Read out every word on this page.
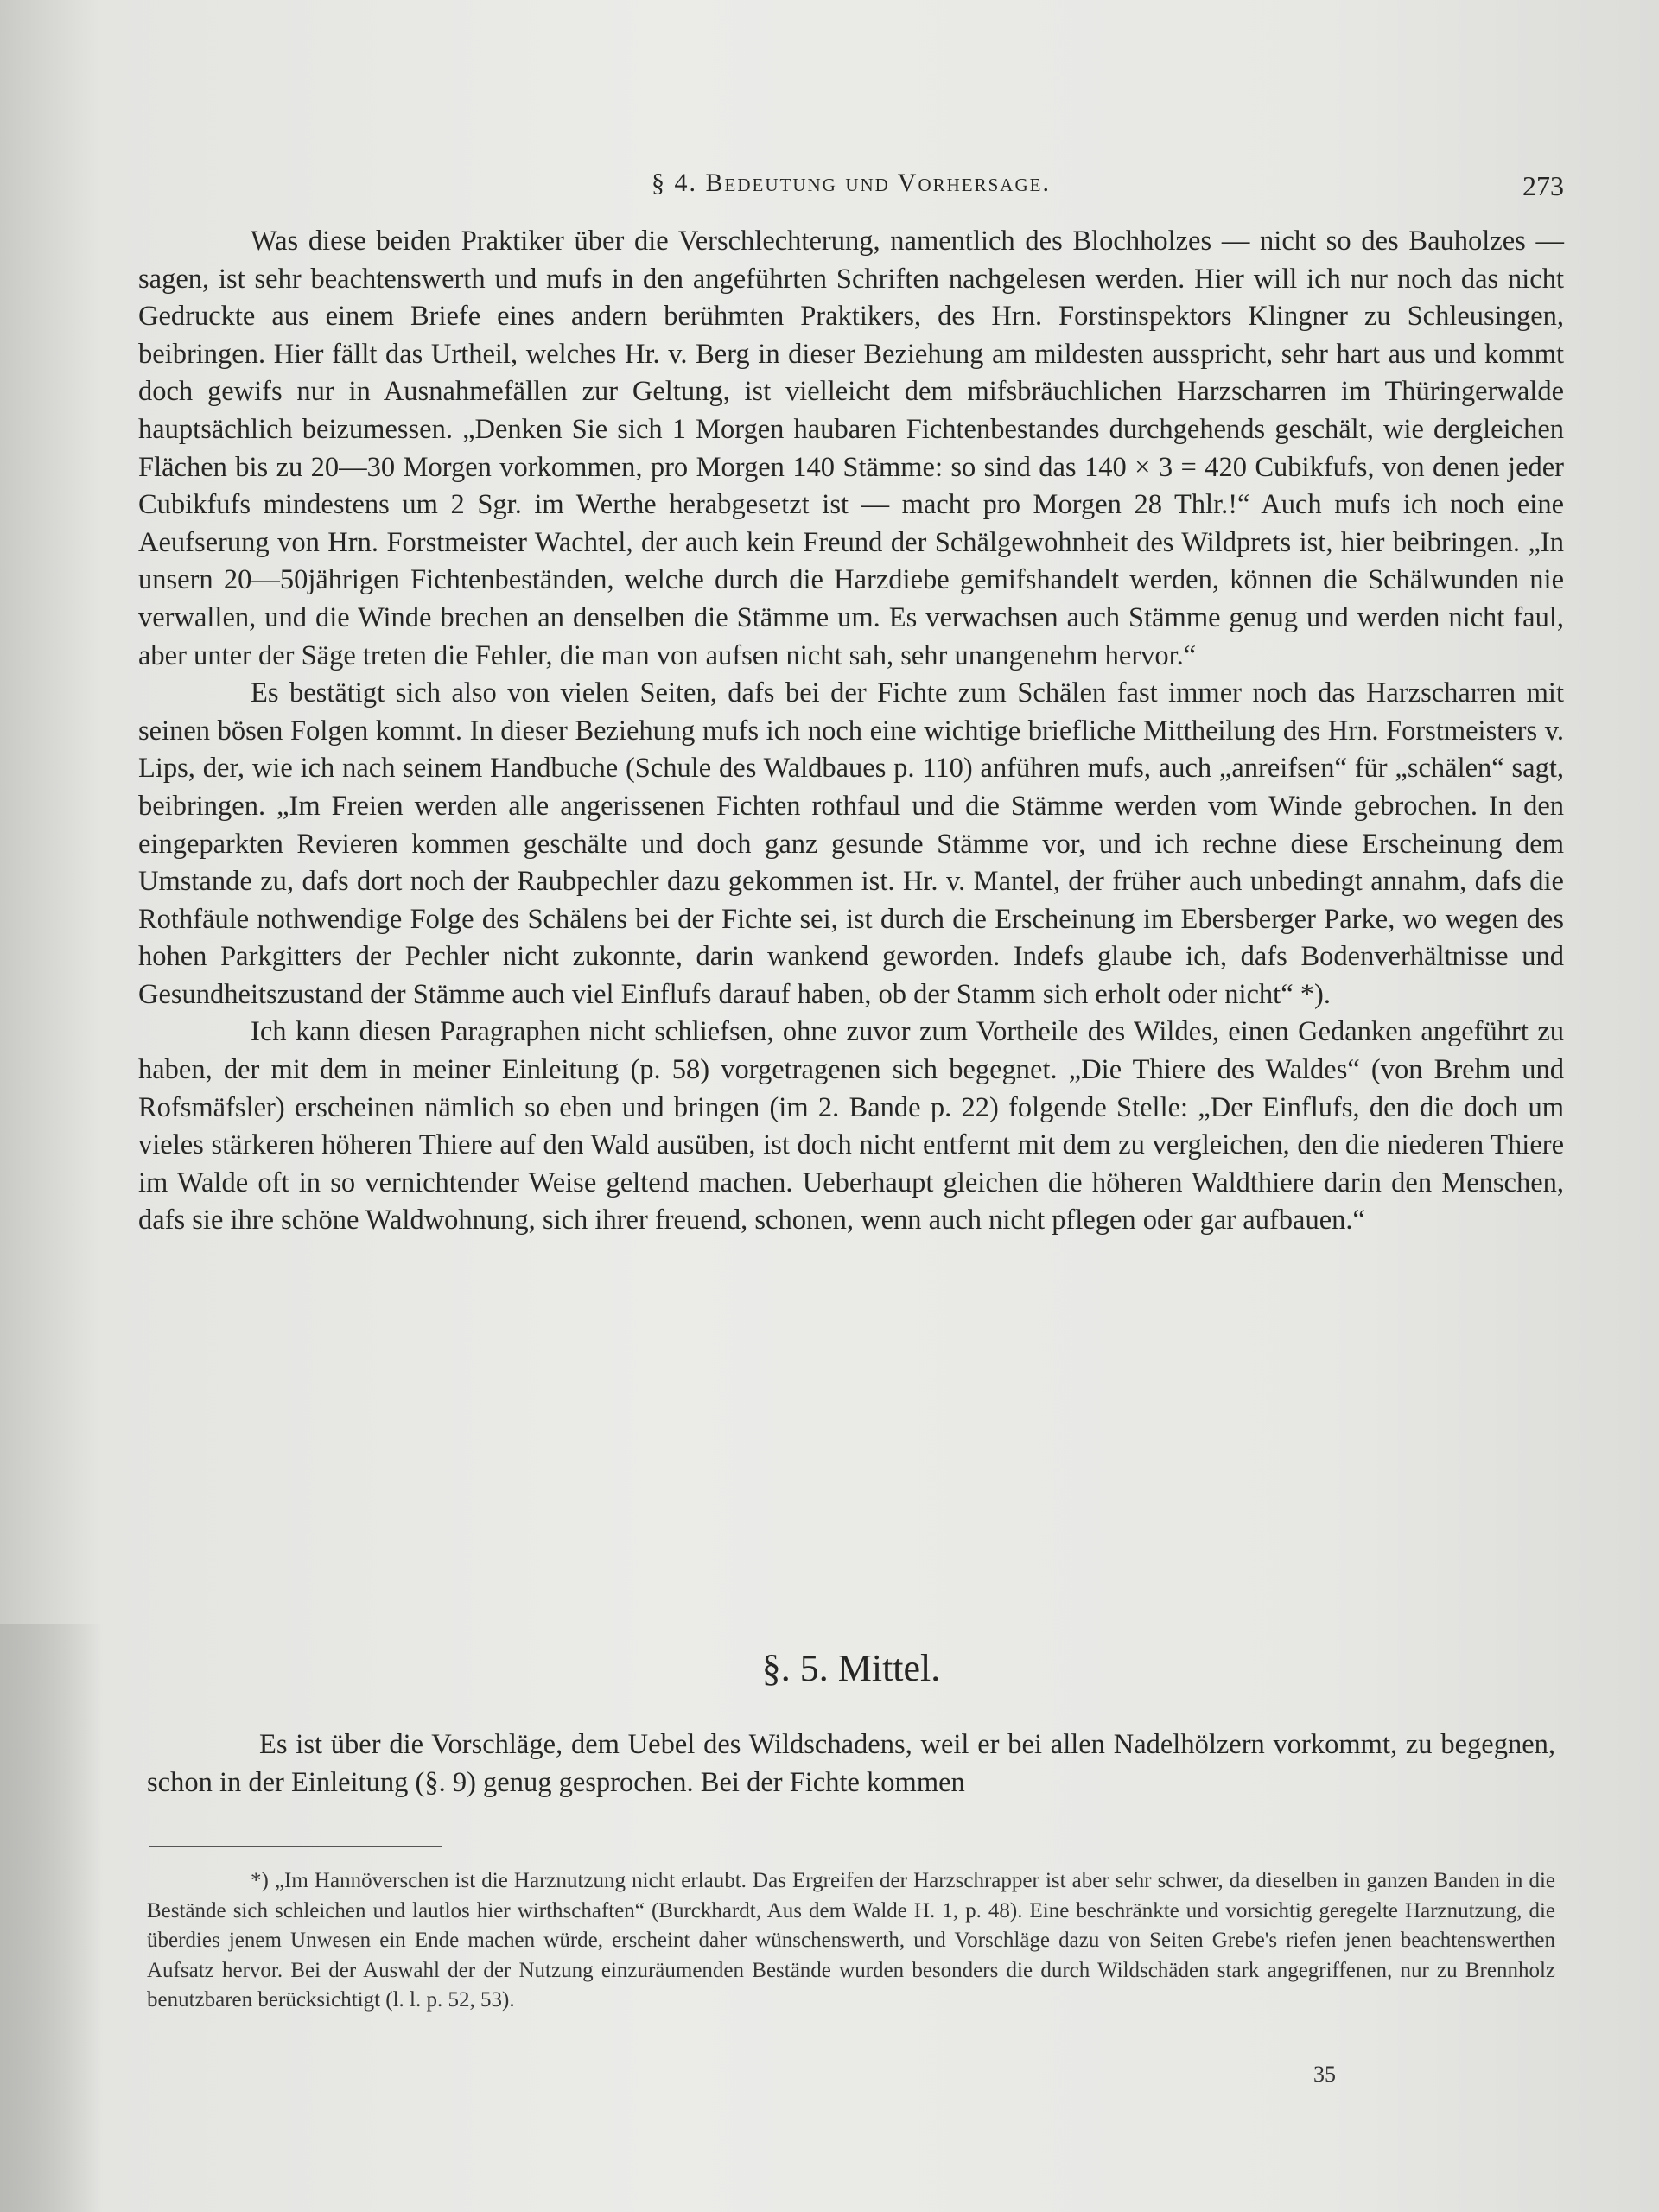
§ 4. Bedeutung und Vorhersage.	273

Was diese beiden Praktiker über die Verschlechterung, namentlich des Blochholzes — nicht so des Bauholzes — sagen, ist sehr beachtenswerth und mufs in den angeführten Schriften nachgelesen werden. Hier will ich nur noch das nicht Gedruckte aus einem Briefe eines andern berühmten Praktikers, des Hrn. Forstinspektors Klingner zu Schleusingen, beibringen. Hier fällt das Urtheil, welches Hr. v. Berg in dieser Beziehung am mildesten ausspricht, sehr hart aus und kommt doch gewifs nur in Ausnahmefällen zur Geltung, ist vielleicht dem mifsbräuchlichen Harzscharren im Thüringerwalde hauptsächlich beizumessen. „Denken Sie sich 1 Morgen haubaren Fichtenbestandes durchgehends geschält, wie dergleichen Flächen bis zu 20—30 Morgen vorkommen, pro Morgen 140 Stämme: so sind das 140 × 3 = 420 Cubikfufs, von denen jeder Cubikfufs mindestens um 2 Sgr. im Werthe herabgesetzt ist — macht pro Morgen 28 Thlr.!“ Auch mufs ich noch eine Aeufserung von Hrn. Forstmeister Wachtel, der auch kein Freund der Schälgewohnheit des Wildprets ist, hier beibringen. „In unsern 20—50jährigen Fichtenbeständen, welche durch die Harzdiebe gemifshandelt werden, können die Schälwunden nie verwallen, und die Winde brechen an denselben die Stämme um. Es verwachsen auch Stämme genug und werden nicht faul, aber unter der Säge treten die Fehler, die man von aufsen nicht sah, sehr unangenehm hervor.“

Es bestätigt sich also von vielen Seiten, dafs bei der Fichte zum Schälen fast immer noch das Harzscharren mit seinen bösen Folgen kommt. In dieser Beziehung mufs ich noch eine wichtige briefliche Mittheilung des Hrn. Forstmeisters v. Lips, der, wie ich nach seinem Handbuche (Schule des Waldbaues p. 110) anführen mufs, auch „anreifsen“ für „schälen“ sagt, beibringen. „Im Freien werden alle angerissenen Fichten rothfaul und die Stämme werden vom Winde gebrochen. In den eingeparkten Revieren kommen geschälte und doch ganz gesunde Stämme vor, und ich rechne diese Erscheinung dem Umstande zu, dafs dort noch der Raubpechler dazu gekommen ist. Hr. v. Mantel, der früher auch unbedingt annahm, dafs die Rothfäule nothwendige Folge des Schälens bei der Fichte sei, ist durch die Erscheinung im Ebersberger Parke, wo wegen des hohen Parkgitters der Pechler nicht zukonnte, darin wankend geworden. Indefs glaube ich, dafs Bodenverhältnisse und Gesundheitszustand der Stämme auch viel Einflufs darauf haben, ob der Stamm sich erholt oder nicht“ *).

Ich kann diesen Paragraphen nicht schliefsen, ohne zuvor zum Vortheile des Wildes, einen Gedanken angeführt zu haben, der mit dem in meiner Einleitung (p. 58) vorgetragenen sich begegnet. „Die Thiere des Waldes“ (von Brehm und Rofsmäfsler) erscheinen nämlich so eben und bringen (im 2. Bande p. 22) folgende Stelle: „Der Einflufs, den die doch um vieles stärkeren höheren Thiere auf den Wald ausüben, ist doch nicht entfernt mit dem zu vergleichen, den die niederen Thiere im Walde oft in so vernichtender Weise geltend machen. Ueberhaupt gleichen die höheren Waldthiere darin den Menschen, dafs sie ihre schöne Waldwohnung, sich ihrer freuend, schonen, wenn auch nicht pflegen oder gar aufbauen.“

§. 5. Mittel.

Es ist über die Vorschläge, dem Uebel des Wildschadens, weil er bei allen Nadelhölzern vorkommt, zu begegnen, schon in der Einleitung (§. 9) genug gesprochen. Bei der Fichte kommen

*) „Im Hannöverschen ist die Harznutzung nicht erlaubt. Das Ergreifen der Harzschrapper ist aber sehr schwer, da dieselben in ganzen Banden in die Bestände sich schleichen und lautlos hier wirthschaften“ (Burckhardt, Aus dem Walde H. 1, p. 48). Eine beschränkte und vorsichtig geregelte Harznutzung, die überdies jenem Unwesen ein Ende machen würde, erscheint daher wünschenswerth, und Vorschläge dazu von Seiten Grebe's riefen jenen beachtenswerthen Aufsatz hervor. Bei der Auswahl der der Nutzung einzuräumenden Bestände wurden besonders die durch Wildschäden stark angegriffenen, nur zu Brennholz benutzbaren berücksichtigt (l. l. p. 52, 53).
35
